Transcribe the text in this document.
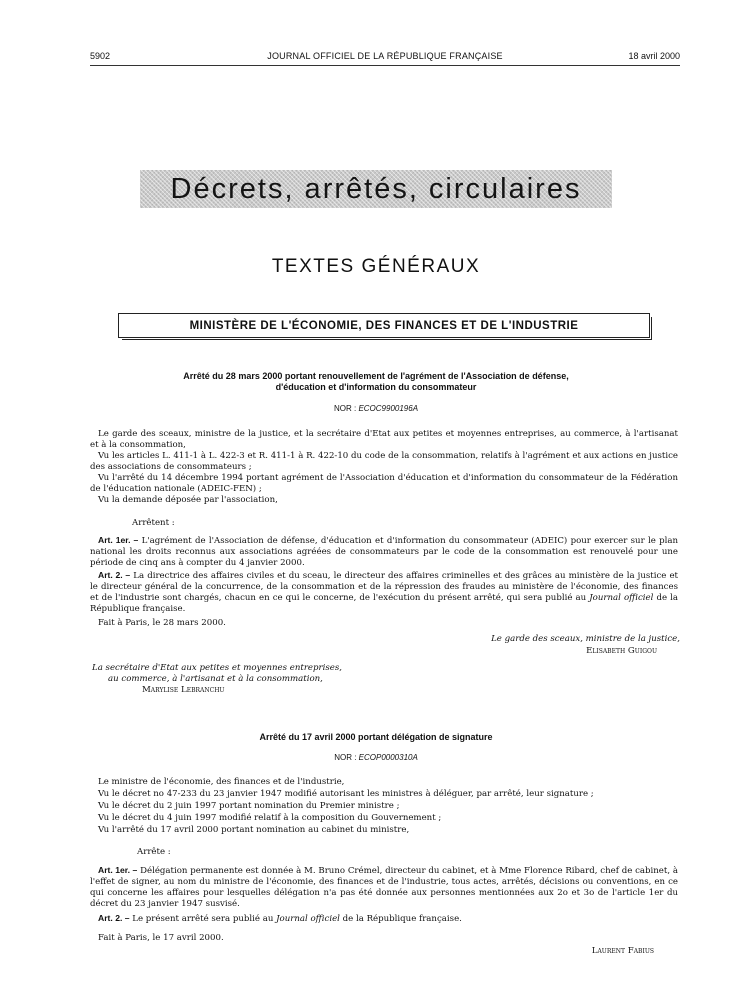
5902	JOURNAL OFFICIEL DE LA RÉPUBLIQUE FRANÇAISE	18 avril 2000
Décrets, arrêtés, circulaires
TEXTES GÉNÉRAUX
MINISTÈRE DE L'ÉCONOMIE, DES FINANCES ET DE L'INDUSTRIE
Arrêté du 28 mars 2000 portant renouvellement de l'agrément de l'Association de défense,
d'éducation et d'information du consommateur
NOR : ECOC9900196A
Le garde des sceaux, ministre de la justice, et la secrétaire d'Etat aux petites et moyennes entreprises, au commerce, à l'artisanat et à la consommation,
Vu les articles L. 411-1 à L. 422-3 et R. 411-1 à R. 422-10 du code de la consommation, relatifs à l'agrément et aux actions en justice des associations de consommateurs ;
Vu l'arrêté du 14 décembre 1994 portant agrément de l'Association d'éducation et d'information du consommateur de la Fédération de l'éducation nationale (ADEIC-FEN) ;
Vu la demande déposée par l'association,
Arrêtent :
Art. 1er. – L'agrément de l'Association de défense, d'éducation et d'information du consommateur (ADEIC) pour exercer sur le plan national les droits reconnus aux associations agréées de consommateurs par le code de la consommation est renouvelé pour une période de cinq ans à compter du 4 janvier 2000.
Art. 2. – La directrice des affaires civiles et du sceau, le directeur des affaires criminelles et des grâces au ministère de la justice et le directeur général de la concurrence, de la consommation et de la répression des fraudes au ministère de l'économie, des finances et de l'industrie sont chargés, chacun en ce qui le concerne, de l'exécution du présent arrêté, qui sera publié au Journal officiel de la République française.
Fait à Paris, le 28 mars 2000.
Le garde des sceaux, ministre de la justice,
Elisabeth Guigou
La secrétaire d'Etat aux petites et moyennes entreprises,
au commerce, à l'artisanat et à la consommation,
Marylise Lebranchu
Arrêté du 17 avril 2000 portant délégation de signature
NOR : ECOP0000310A
Le ministre de l'économie, des finances et de l'industrie,
Vu le décret no 47-233 du 23 janvier 1947 modifié autorisant les ministres à déléguer, par arrêté, leur signature ;
Vu le décret du 2 juin 1997 portant nomination du Premier ministre ;
Vu le décret du 4 juin 1997 modifié relatif à la composition du Gouvernement ;
Vu l'arrêté du 17 avril 2000 portant nomination au cabinet du ministre,
Arrête :
Art. 1er. – Délégation permanente est donnée à M. Bruno Crémel, directeur du cabinet, et à Mme Florence Ribard, chef de cabinet, à l'effet de signer, au nom du ministre de l'économie, des finances et de l'industrie, tous actes, arrêtés, décisions ou conventions, en ce qui concerne les affaires pour lesquelles délégation n'a pas été donnée aux personnes mentionnées aux 2o et 3o de l'article 1er du décret du 23 janvier 1947 susvisé.
Art. 2. – Le présent arrêté sera publié au Journal officiel de la République française.
Fait à Paris, le 17 avril 2000.
Laurent Fabius
